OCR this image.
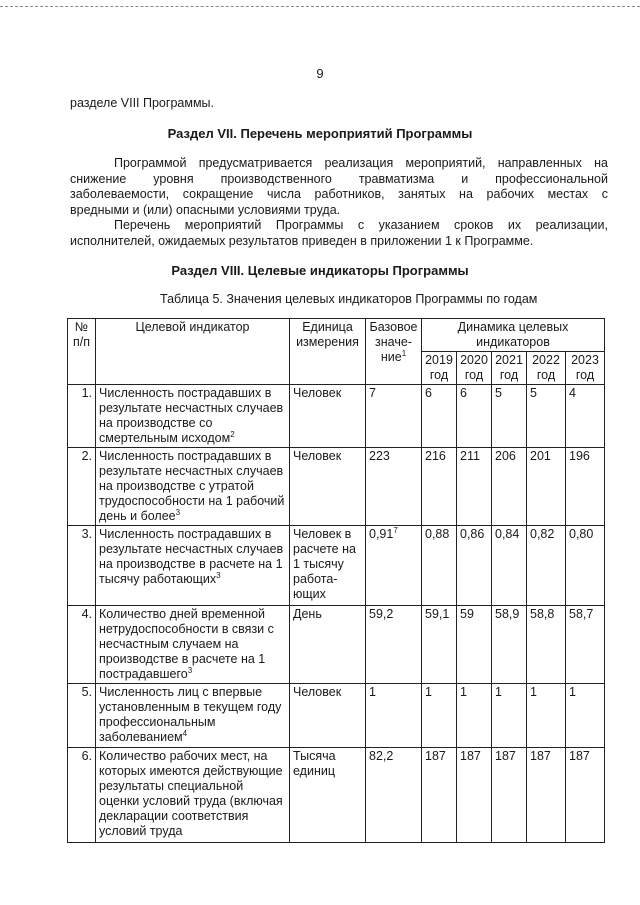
9
разделе VIII Программы.
Раздел VII. Перечень мероприятий Программы
Программой предусматривается реализация мероприятий, направленных на
снижение уровня производственного травматизма и профессиональной
заболеваемости, сокращение числа работников, занятых на рабочих местах с
вредными и (или) опасными условиями труда.
Перечень мероприятий Программы с указанием сроков их реализации,
исполнителей, ожидаемых результатов приведен в приложении 1 к Программе.
Раздел VIII. Целевые индикаторы Программы
Таблица 5. Значения целевых индикаторов Программы по годам
№ п/п	Целевой индикатор	Единица измерения	Базовое значе-ние$^1$	Динамика целевых индикаторов				
				2019 год	2020 год	2021 год	2022 год	2023 год
1.	Численность пострадавших в результате несчастных случаев на производстве со смертельным исходом$^2$	Человек	7	6	6	5	5	4
2.	Численность пострадавших в результате несчастных случаев на производстве с утратой трудоспособности на 1 рабочий день и более$^3$	Человек	223	216	211	206	201	196
3.	Численность пострадавших в результате несчастных случаев на производстве в расчете на 1 тысячу работающих$^3$	Человек в расчете на 1 тысячу работа-ющих	0,91$^7$	0,88	0,86	0,84	0,82	0,80
4.	Количество дней временной нетрудоспособности в связи с несчастным случаем на производстве в расчете на 1 пострадавшего$^3$	День	59,2	59,1	59	58,9	58,8	58,7
5.	Численность лиц с впервые установленным в текущем году профессиональным заболеванием$^4$	Человек	1	1	1	1	1	1
6.	Количество рабочих мест, на которых имеются действующие результаты специальной оценки условий труда (включая декларации соответствия условий труда	Тысяча единиц	82,2	187	187	187	187	187
